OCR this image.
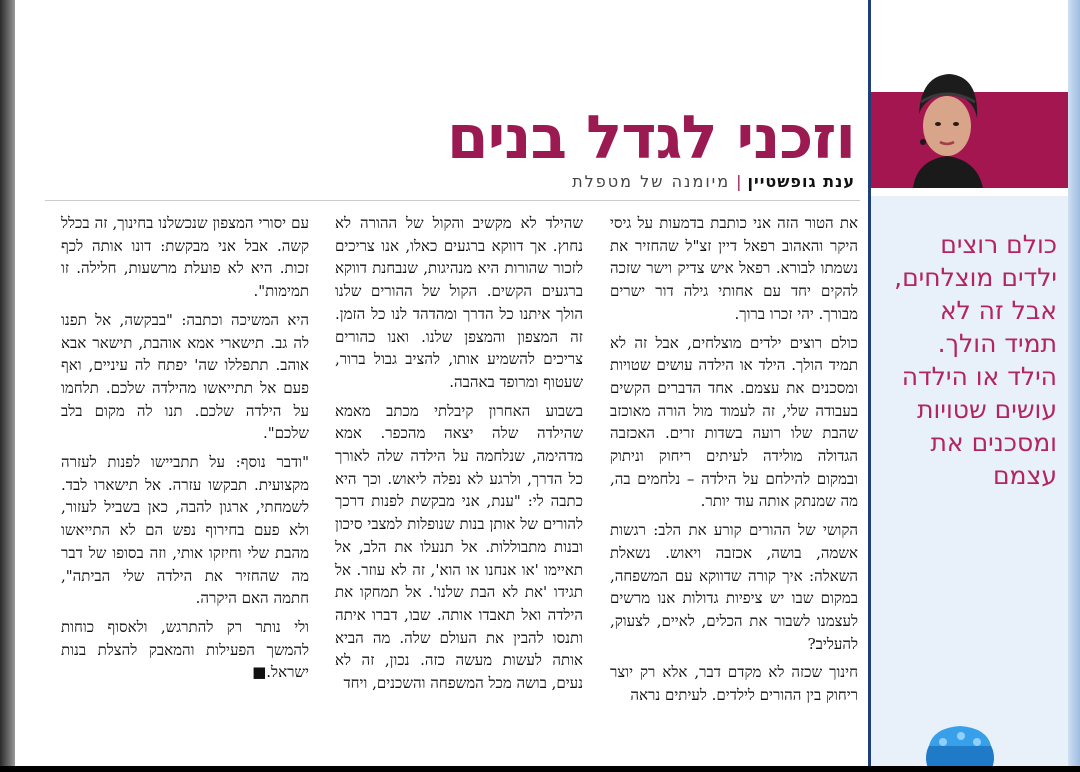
כולם רוצים ילדים מוצלחים, אבל זה לא תמיד הולך. הילד או הילדה עושים שטויות ומסכנים את עצמם
וזכני לגדל בנים
ענת גופשטיין|מיומנה של מטפלת

את הטור הזה אני כותבת בדמעות על גיסי היקר והאהוב רפאל דיין זצ"ל שהחזיר את נשמתו לבורא. רפאל איש צדיק וישר שזכה להקים יחד עם אחותי גילה דור ישרים מבורך. יהי זכרו ברוך.

כולם רוצים ילדים מוצלחים, אבל זה לא תמיד הולך. הילד או הילדה עושים שטויות ומסכנים את עצמם. אחד הדברים הקשים בעבודה שלי, זה לעמוד מול הורה מאוכזב שהבת שלו רועה בשדות זרים. האכזבה הגדולה מולידה לעיתים ריחוק וניתוק ובמקום להילחם על הילדה – נלחמים בה, מה שמנתק אותה עוד יותר.

הקושי של ההורים קורע את הלב: רגשות אשמה, בושה, אכזבה ויאוש. נשאלת השאלה: איך קורה שדווקא עם המשפחה, במקום שבו יש ציפיות גדולות אנו מרשים לעצמנו לשבור את הכלים, לאיים, לצעוק, להעליב?

חינוך שכזה לא מקדם דבר, אלא רק יוצר ריחוק בין ההורים לילדים. לעיתים נראה

שהילד לא מקשיב והקול של ההורה לא נחוץ. אך דווקא ברגעים כאלו, אנו צריכים לזכור שהורות היא מנהיגות, שנבחנת דווקא ברגעים הקשים. הקול של ההורים שלנו הולך איתנו כל הדרך ומהדהד לנו כל הזמן. זה המצפון והמצפן שלנו. ואנו כהורים צריכים להשמיע אותו, להציב גבול ברור, שעטוף ומרופד באהבה.

בשבוע האחרון קיבלתי מכתב מאמא שהילדה שלה יצאה מהכפר. אמא מדהימה, שנלחמה על הילדה שלה לאורך כל הדרך, ולרגע לא נפלה ליאוש. וכך היא כתבה לי: "ענת, אני מבקשת לפנות דרכך להורים של אותן בנות שנופלות למצבי סיכון ובנות מתבוללות. אל תנעלו את הלב, אל תאיימו 'או אנחנו או הוא', זה לא עוזר. אל תגידו 'את לא הבת שלנו'. אל תמחקו את הילדה ואל תאבדו אותה. שבו, דברו איתה ותנסו להבין את העולם שלה. מה הביא אותה לעשות מעשה כזה. נכון, זה לא נעים, בושה מכל המשפחה והשכנים, ויחד

עם יסורי המצפון שנכשלנו בחינוך, זה בכלל קשה. אבל אני מבקשת: דונו אותה לכף זכות. היא לא פועלת מרשעות, חלילה. זו תמימות".

היא המשיכה וכתבה: "בבקשה, אל תפנו לה גב. תישארי אמא אוהבת, תישאר אבא אוהב. תתפללו שה' יפתח לה עיניים, ואף פעם אל תתייאשו מהילדה שלכם. תלחמו על הילדה שלכם. תנו לה מקום בלב שלכם".

"ודבר נוסף: על תתביישו לפנות לעזרה מקצועית. תבקשו עזרה. אל תישארו לבד. לשמחתי, ארגון להבה, כאן בשביל לעזור, ולא פעם בחירוף נפש הם לא התייאשו מהבת שלי וחיזקו אותי, וזה בסופו של דבר מה שהחזיר את הילדה שלי הביתה", חתמה האם היקרה.

ולי נותר רק להתרגש, ולאסוף כוחות להמשך הפעילות והמאבק להצלת בנות ישראל.■
